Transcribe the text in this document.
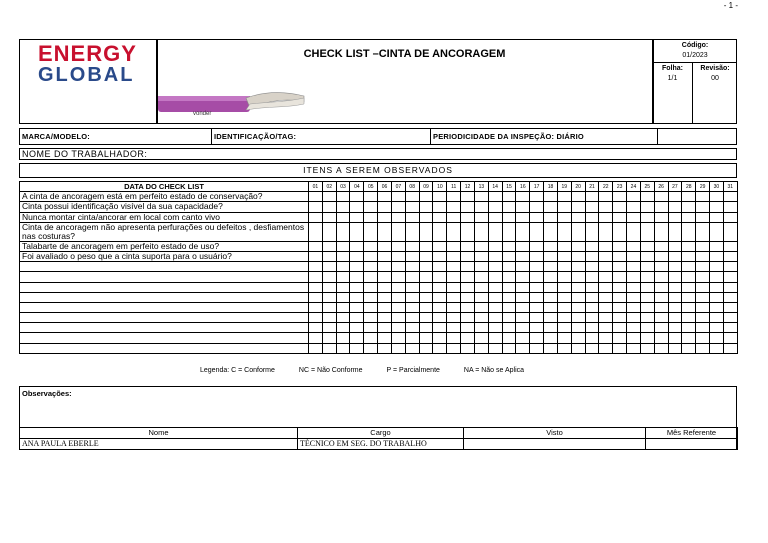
- 1 -
ENERGY
GLOBAL
CHECK LIST –CINTA DE ANCORAGEM
Código:
01/2023
Folha:
1/1
Revisão:
00
vonder
MARCA/MODELO:	IDENTIFICAÇÃO/TAG:	PERIODICIDADE DA INSPEÇÃO: DIÁRIO
NOME DO TRABALHADOR:
ITENS A SEREM OBSERVADOS
DATA DO CHECK LIST	01	02	03	04	05	06	07	08	09	10	11	12	13	14	15	16	17	18	19	20	21	22	23	24	25	26	27	28	29	30	31
A cinta de ancoragem está em perfeito estado de conservação?																															
Cinta possui identificação visível da sua capacidade?																															
Nunca montar cinta/ancorar em local com canto vivo																															
Cinta de ancoragem não apresenta perfurações ou defeitos , desfiamentos nas costuras?																															
Talabarte de ancoragem em perfeito estado de uso?																															
Foi avaliado o peso que a cinta suporta para o usuário?																															

Legenda: C = Conforme	NC = Não Conforme	P = Parcialmente	NA = Não se Aplica
Observações:
Nome	Cargo	Visto	Mês Referente
ANA PAULA EBERLE	TÉCNICO EM SEG. DO TRABALHO		
